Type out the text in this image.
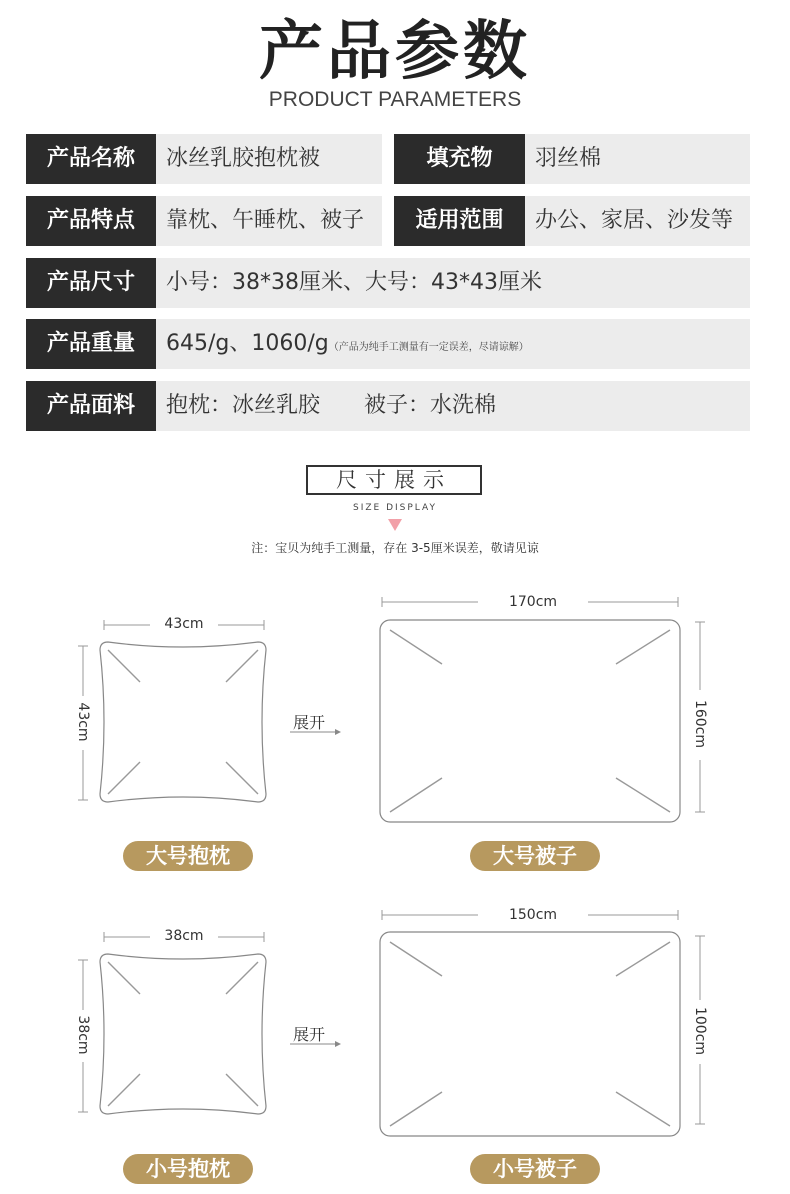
产品参数
PRODUCT PARAMETERS
产品名称	冰丝乳胶抱枕被	填充物	羽丝棉
产品特点	靠枕、午睡枕、被子	适用范围	办公、家居、沙发等
产品尺寸	小号：38*38厘米、大号：43*43厘米
产品重量	645/g、1060/g（产品为纯手工测量有一定误差，尽请谅解）
产品面料	抱枕：冰丝乳胶　　被子：水洗棉
尺寸展示
SIZE DISPLAY
注：宝贝为纯手工测量，存在 3-5厘米误差，敬请见谅
43cm
43cm	展开
170cm
160cm
大号抱枕	大号被子
38cm
38cm	展开
150cm
100cm
小号抱枕	小号被子
